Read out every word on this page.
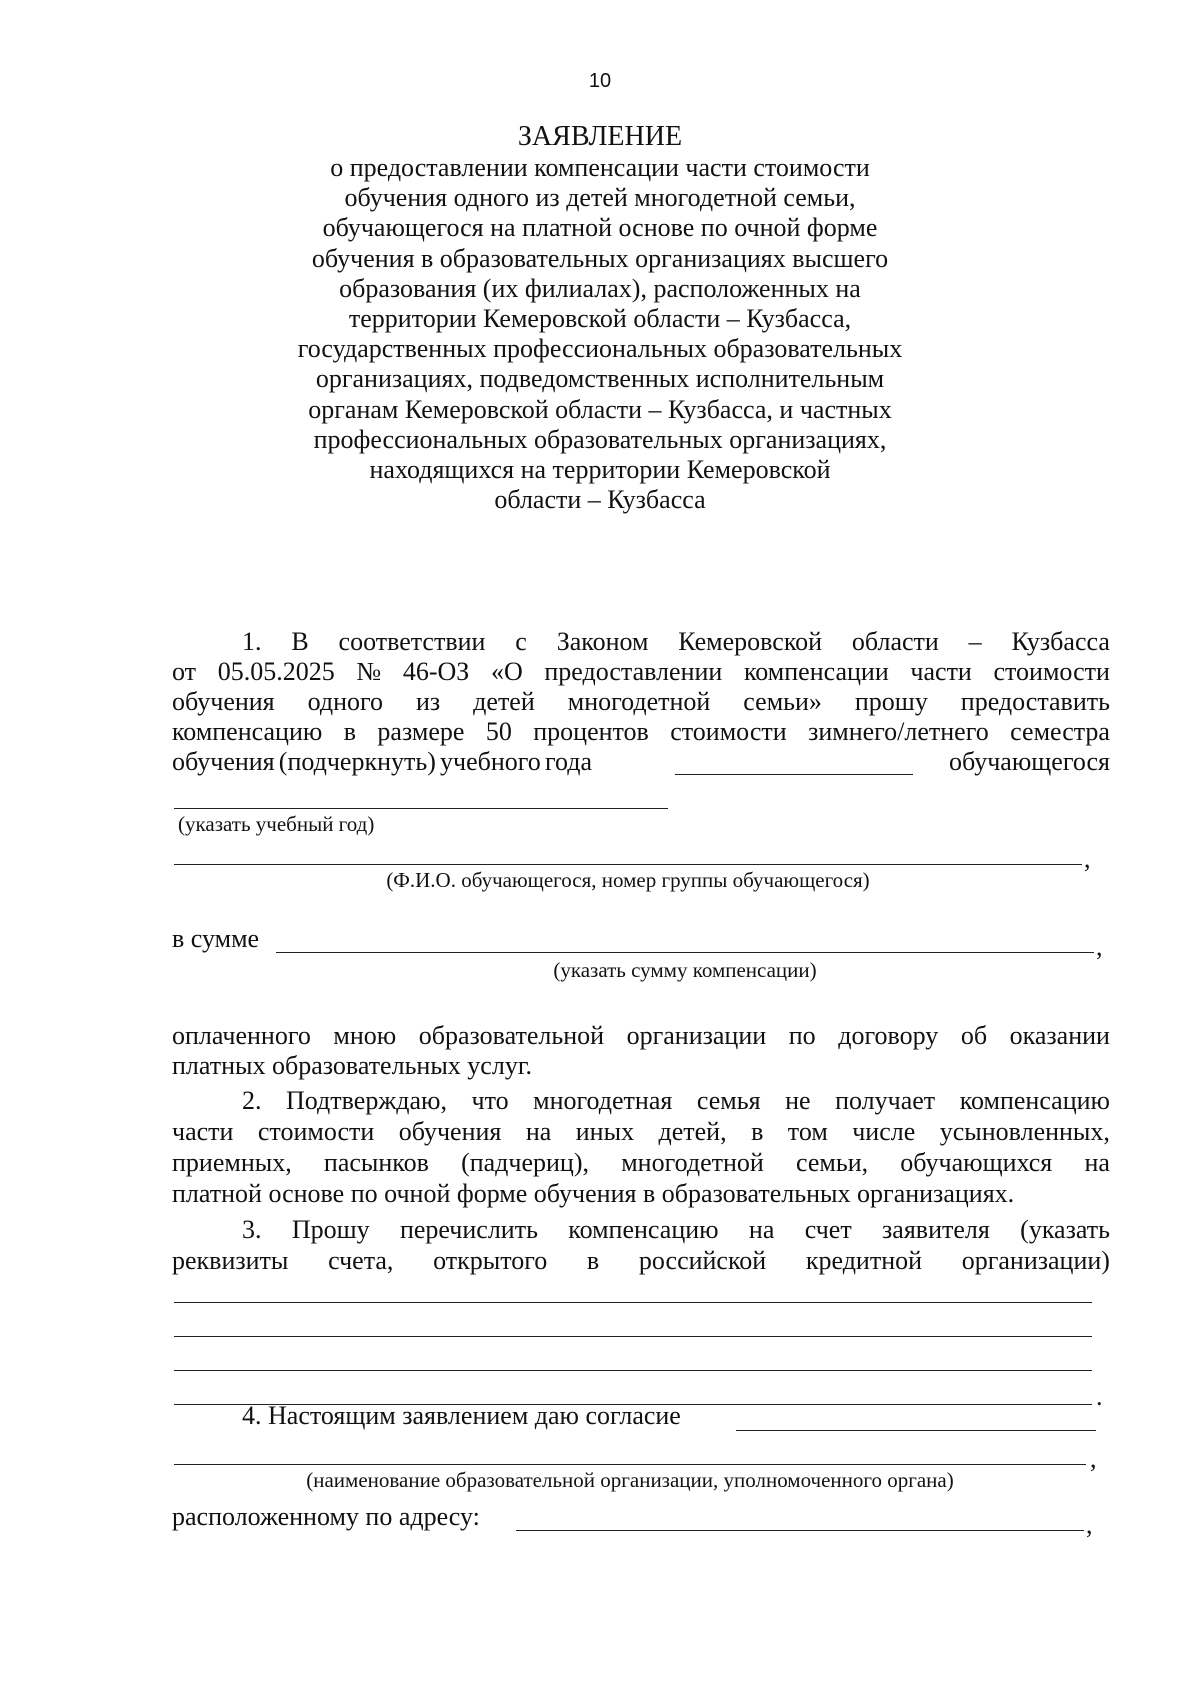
10
ЗАЯВЛЕНИЕ
о предоставлении компенсации части стоимости
обучения одного из детей многодетной семьи,
обучающегося на платной основе по очной форме
обучения в образовательных организациях высшего
образования (их филиалах), расположенных на
территории Кемеровской области – Кузбасса,
государственных профессиональных образовательных
организациях, подведомственных исполнительным
органам Кемеровской области – Кузбасса, и частных
профессиональных образовательных организациях,
находящихся на территории Кемеровской
области – Кузбасса
1. В соответствии с Законом Кемеровской области – Кузбасса
от 05.05.2025 № 46-ОЗ «О предоставлении компенсации части стоимости
обучения одного из детей многодетной семьи» прошу предоставить
компенсацию в размере 50 процентов стоимости зимнего/летнего семестра
обучения (подчеркнуть) учебного года	обучающегося
(указать учебный год)
,
(Ф.И.О. обучающегося, номер группы обучающегося)
в сумме	,
(указать сумму компенсации)
оплаченного мною образовательной организации по договору об оказании
платных образовательных услуг.
2. Подтверждаю, что многодетная семья не получает компенсацию
части стоимости обучения на иных детей, в том числе усыновленных,
приемных, пасынков (падчериц), многодетной семьи, обучающихся на
платной основе по очной форме обучения в образовательных организациях.
3. Прошу перечислить компенсацию на счет заявителя (указать
реквизиты счета, открытого в российской кредитной организации)
.
4. Настоящим заявлением даю согласие
,
(наименование образовательной организации, уполномоченного органа)
расположенному по адресу:	,
